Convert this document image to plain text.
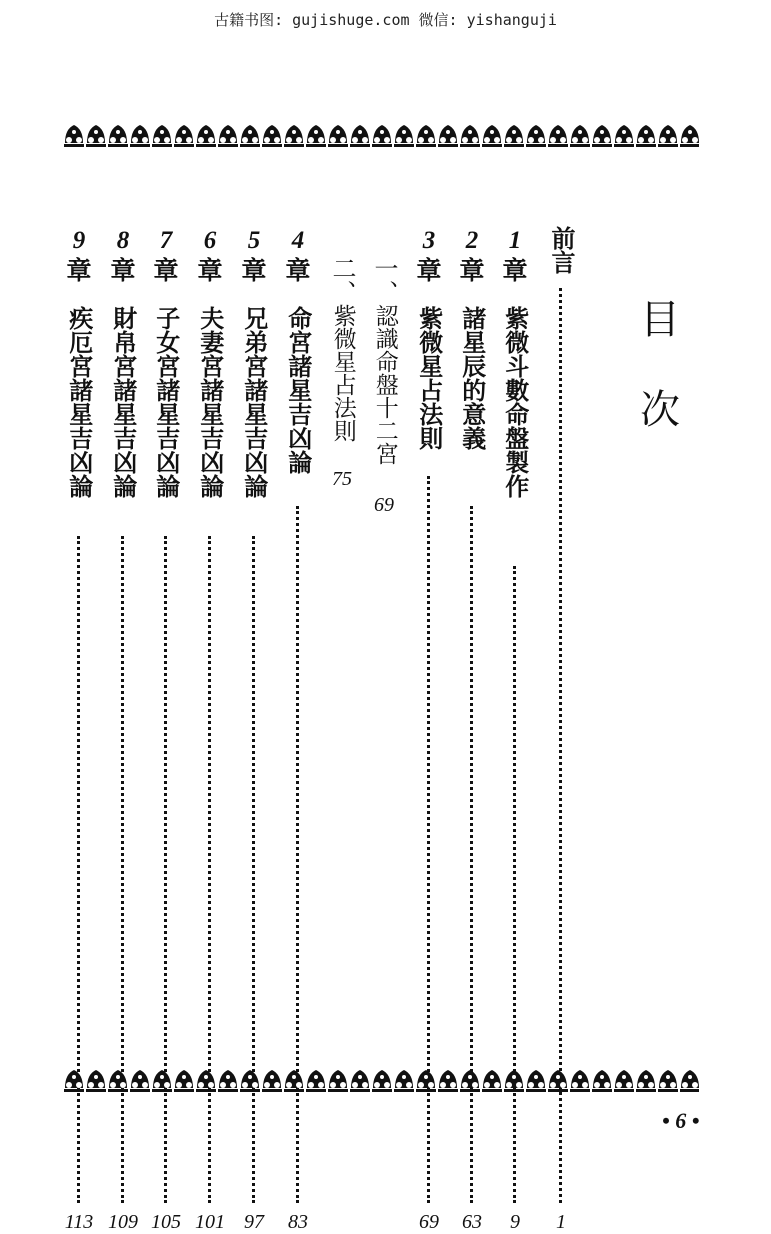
古籍书图: gujishuge.com 微信: yishanguji
目
次
前言
1
1
章
紫微斗數命盤製作
9
2
章
諸星辰的意義
63
3
章
紫微星占法則
69
一、
認識命盤十二宮
69
二、
紫微星占法則
75
4
章
命宮諸星吉凶論
83
5
章
兄弟宮諸星吉凶論
97
6
章
夫妻宮諸星吉凶論
101
7
章
子女宮諸星吉凶論
105
8
章
財帛宮諸星吉凶論
109
9
章
疾厄宮諸星吉凶論
113
• 6 •
